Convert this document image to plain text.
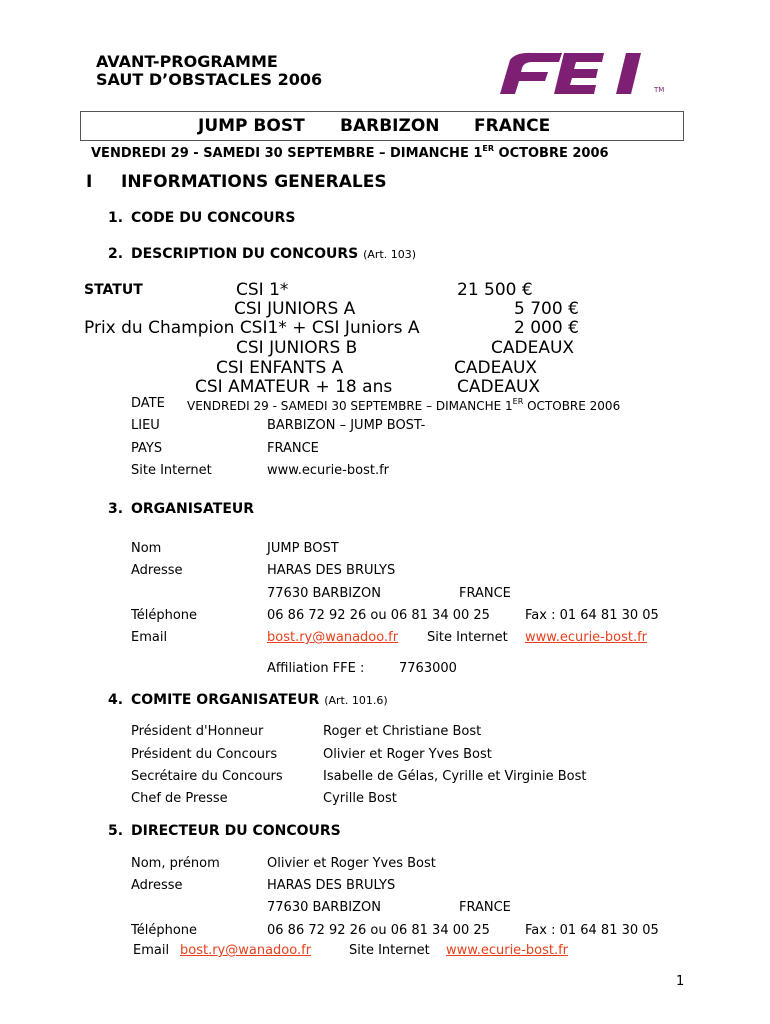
AVANT-PROGRAMME
SAUT D’OBSTACLES 2006
TM
JUMP BOST BARBIZON FRANCE
VENDREDI 29 - SAMEDI 30 SEPTEMBRE – DIMANCHE 1ER OCTOBRE 2006
I INFORMATIONS GENERALES
1. CODE DU CONCOURS
2. DESCRIPTION DU CONCOURS (Art. 103)
STATUT	CSI 1*	21 500 €
CSI JUNIORS A	5 700 €
Prix du Champion CSI1* + CSI Juniors A	2 000 €
CSI JUNIORS B	CADEAUX
CSI ENFANTS A	CADEAUX
CSI AMATEUR + 18 ans	CADEAUX
DATE VENDREDI 29 - SAMEDI 30 SEPTEMBRE – DIMANCHE 1ER OCTOBRE 2006
LIEU	BARBIZON – JUMP BOST-
PAYS	FRANCE
Site Internet	www.ecurie-bost.fr
3. ORGANISATEUR
Nom	JUMP BOST
Adresse	HARAS DES BRULYS
77630 BARBIZON	FRANCE
Téléphone	06 86 72 92 26 ou 06 81 34 00 25	Fax : 01 64 81 30 05
Email	bost.ry@wanadoo.fr Site Internet www.ecurie-bost.fr
Affiliation FFE :	7763000
4. COMITE ORGANISATEUR (Art. 101.6)
Président d'Honneur	Roger et Christiane Bost
Président du Concours	Olivier et Roger Yves Bost
Secrétaire du Concours	Isabelle de Gélas, Cyrille et Virginie Bost
Chef de Presse	Cyrille Bost
5. DIRECTEUR DU CONCOURS
Nom, prénom	Olivier et Roger Yves Bost
Adresse	HARAS DES BRULYS
77630 BARBIZON	FRANCE
Téléphone	06 86 72 92 26 ou 06 81 34 00 25	Fax : 01 64 81 30 05
Email bost.ry@wanadoo.fr	Site Internet www.ecurie-bost.fr
1
